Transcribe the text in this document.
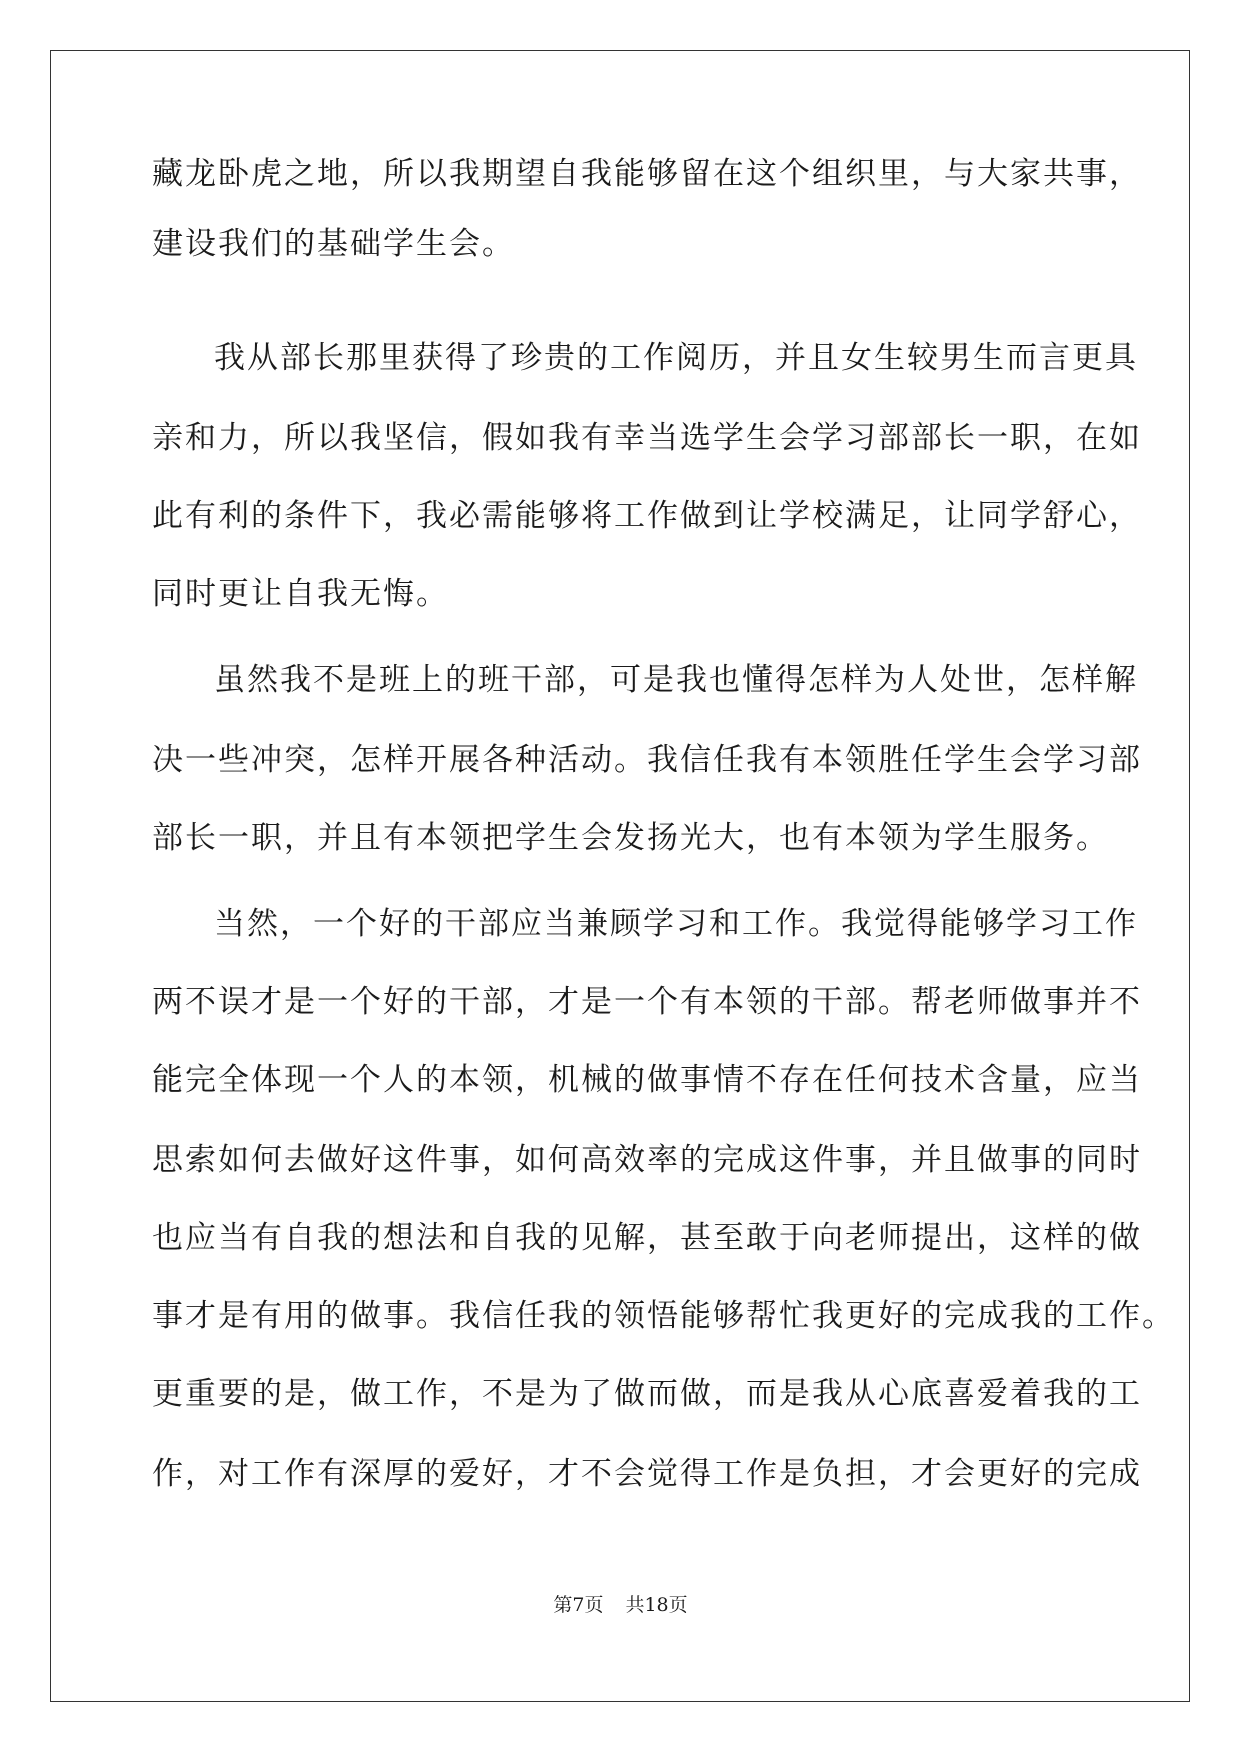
藏龙卧虎之地，所以我期望自我能够留在这个组织里，与大家共事，
建设我们的基础学生会。
我从部长那里获得了珍贵的工作阅历，并且女生较男生而言更具
亲和力，所以我坚信，假如我有幸当选学生会学习部部长一职，在如
此有利的条件下，我必需能够将工作做到让学校满足，让同学舒心，
同时更让自我无悔。
虽然我不是班上的班干部，可是我也懂得怎样为人处世，怎样解
决一些冲突，怎样开展各种活动。我信任我有本领胜任学生会学习部
部长一职，并且有本领把学生会发扬光大，也有本领为学生服务。
当然，一个好的干部应当兼顾学习和工作。我觉得能够学习工作
两不误才是一个好的干部，才是一个有本领的干部。帮老师做事并不
能完全体现一个人的本领，机械的做事情不存在任何技术含量，应当
思索如何去做好这件事，如何高效率的完成这件事，并且做事的同时
也应当有自我的想法和自我的见解，甚至敢于向老师提出，这样的做
事才是有用的做事。我信任我的领悟能够帮忙我更好的完成我的工作。
更重要的是，做工作，不是为了做而做，而是我从心底喜爱着我的工
作，对工作有深厚的爱好，才不会觉得工作是负担，才会更好的完成
第7页 共18页
